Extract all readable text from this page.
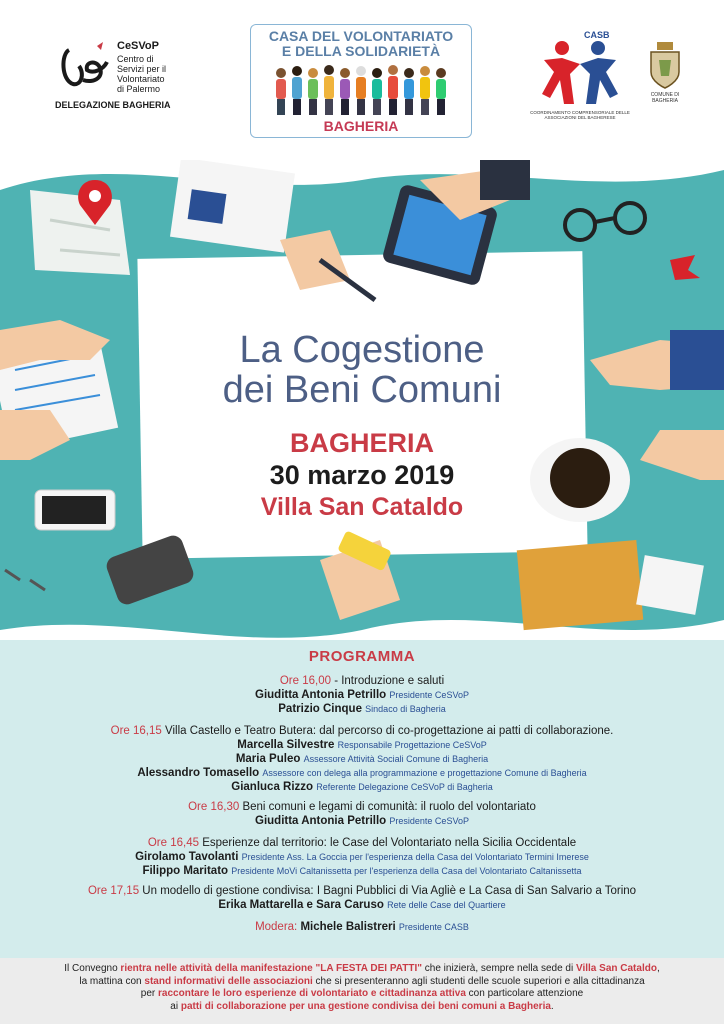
CeSVoP
Centro di
Servizi per il
Volontariato
di Palermo
DELEGAZIONE BAGHERIA
CASA DEL VOLONTARIATO
E DELLA SOLIDARIETÀ
BAGHERIA
CASB
COORDINAMENTO COMPRENSORIALE DELLE ASSOCIAZIONI DEL BAGHERESE
COMUNE DI
BAGHERIA
La Cogestione
dei Beni Comuni
BAGHERIA
30 marzo 2019
Villa San Cataldo
PROGRAMMA
Ore 16,00 - Introduzione e saluti
Giuditta Antonia Petrillo Presidente CeSVoP
Patrizio Cinque Sindaco di Bagheria
Ore 16,15 Villa Castello e Teatro Butera: dal percorso di co-progettazione ai patti di collaborazione.
Marcella Silvestre Responsabile Progettazione CeSVoP
Maria Puleo Assessore Attività Sociali Comune di Bagheria
Alessandro Tomasello Assessore con delega alla programmazione e progettazione Comune di Bagheria
Gianluca Rizzo Referente Delegazione CeSVoP di Bagheria
Ore 16,30 Beni comuni e legami di comunità: il ruolo del volontariato
Giuditta Antonia Petrillo Presidente CeSVoP
Ore 16,45 Esperienze dal territorio: le Case del Volontariato nella Sicilia Occidentale
Girolamo Tavolanti Presidente Ass. La Goccia per l'esperienza della Casa del Volontariato Termini Imerese
Filippo Maritato Presidente MoVi Caltanissetta per l'esperienza della Casa del Volontariato Caltanissetta
Ore 17,15 Un modello di gestione condivisa: I Bagni Pubblici di Via Agliè e La Casa di San Salvario a Torino
Erika Mattarella e Sara Caruso Rete delle Case del Quartiere
Modera: Michele Balistreri Presidente CASB
Il Convegno rientra nelle attività della manifestazione "LA FESTA DEI PATTI" che inizierà, sempre nella sede di Villa San Cataldo,
la mattina con stand informativi delle associazioni che si presenteranno agli studenti delle scuole superiori e alla cittadinanza
per raccontare le loro esperienze di volontariato e cittadinanza attiva con particolare attenzione
ai patti di collaborazione per una gestione condivisa dei beni comuni a Bagheria.
